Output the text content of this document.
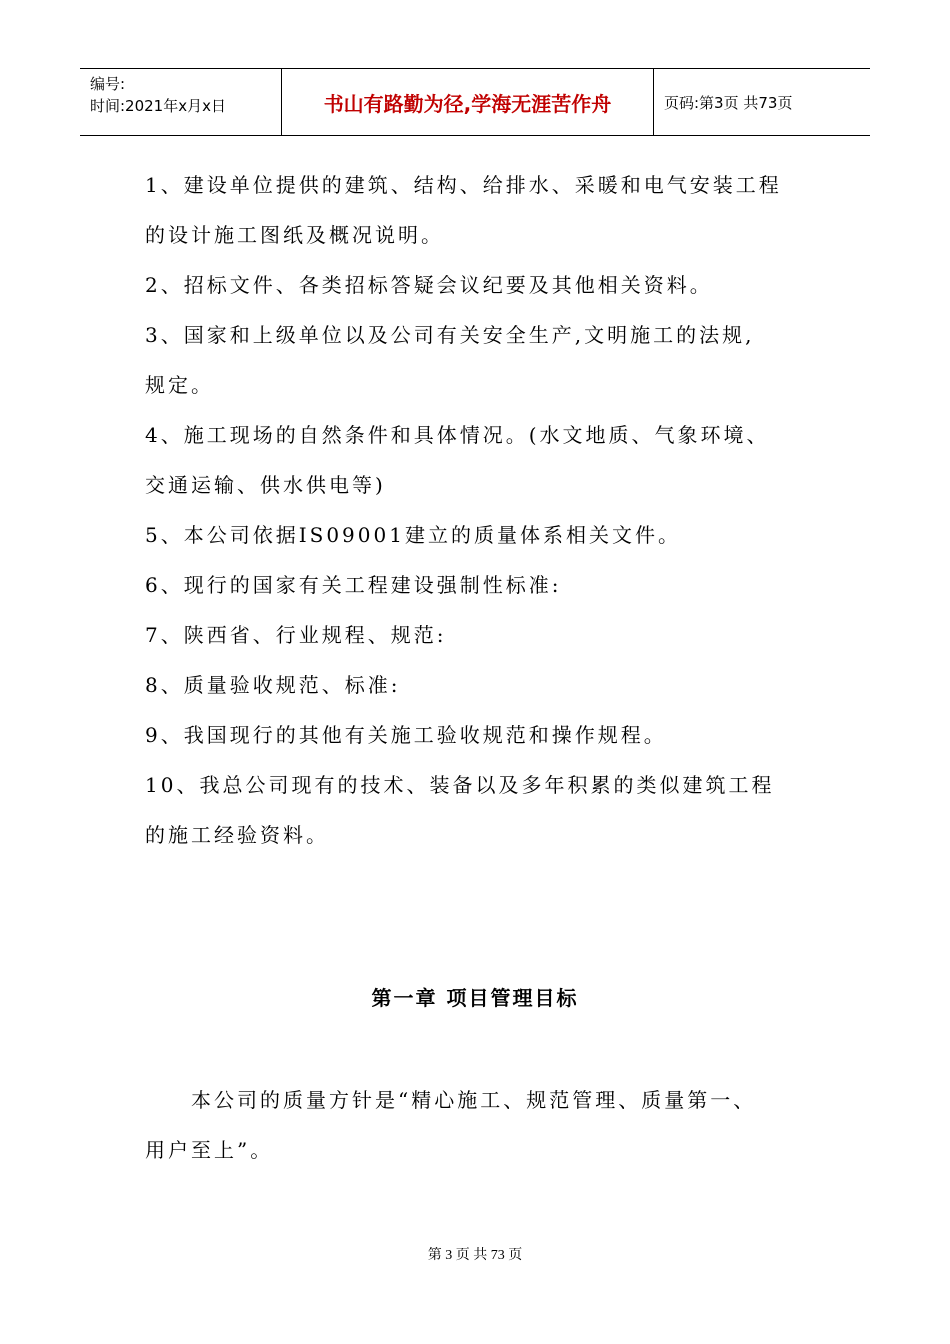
编号:
时间:2021年x月x日	书山有路勤为径,学海无涯苦作舟	页码:第3页 共73页
1、建设单位提供的建筑、结构、给排水、采暖和电气安装工程
的设计施工图纸及概况说明。
2、招标文件、各类招标答疑会议纪要及其他相关资料。
3、国家和上级单位以及公司有关安全生产,文明施工的法规,
规定。
4、施工现场的自然条件和具体情况。(水文地质、气象环境、
交通运输、供水供电等)
5、本公司依据IS09001建立的质量体系相关文件。
6、现行的国家有关工程建设强制性标准:
7、陕西省、行业规程、规范:
8、质量验收规范、标准:
9、我国现行的其他有关施工验收规范和操作规程。
10、我总公司现有的技术、装备以及多年积累的类似建筑工程
的施工经验资料。
第一章 项目管理目标
本公司的质量方针是“精心施工、规范管理、质量第一、
用户至上”。
第 3 页 共 73 页
